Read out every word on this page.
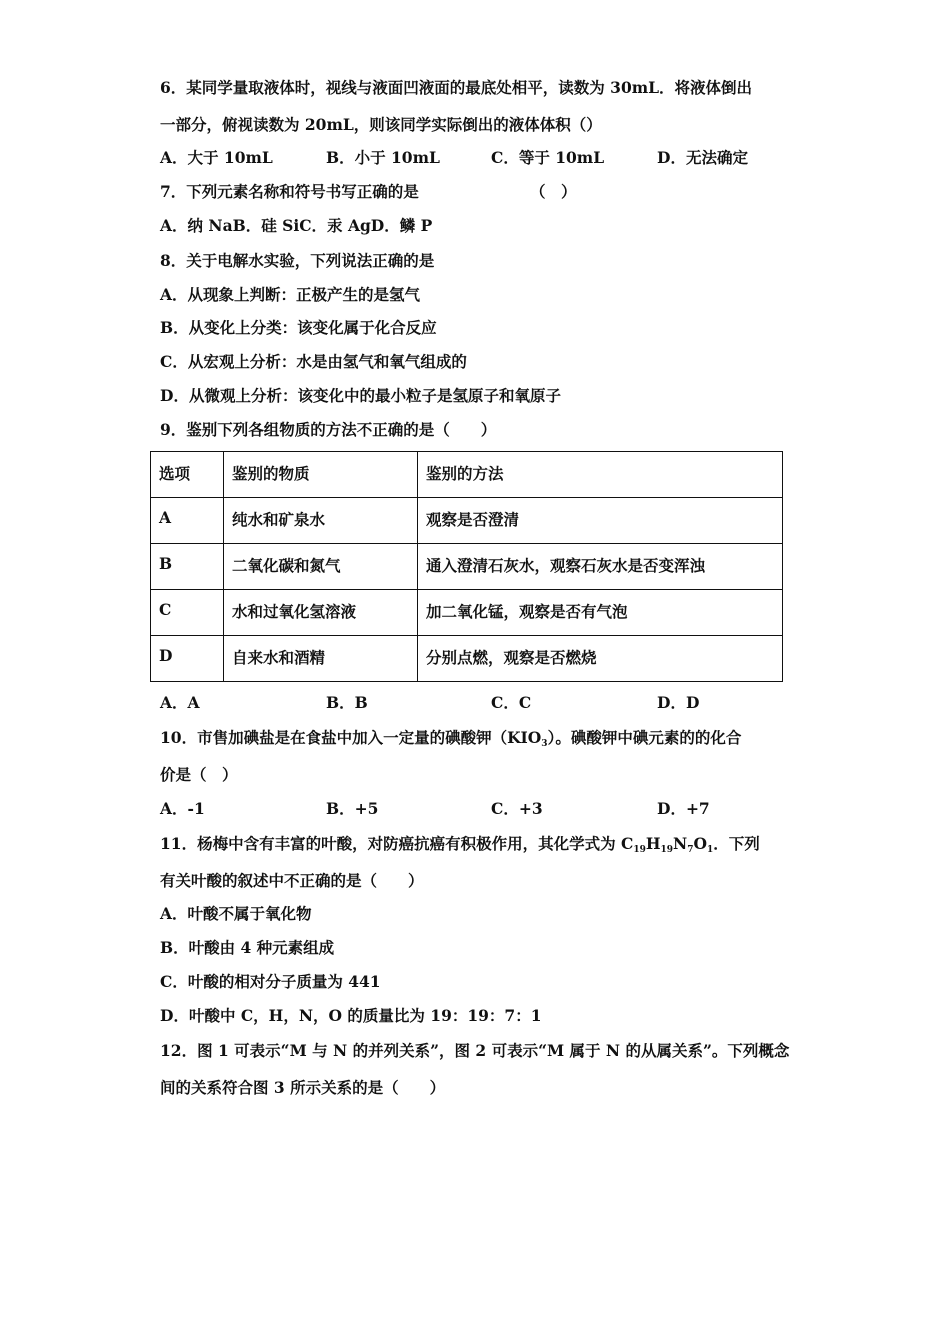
6．某同学量取液体时，视线与液面凹液面的最底处相平，读数为 30mL．将液体倒出
一部分，俯视读数为 20mL，则该同学实际倒出的液体体积（）
A．大于 10mL	B．小于 10mL	C．等于 10mL	D．无法确定
7．下列元素名称和符号书写正确的是	（　）
A．纳 NaB．硅 SiC．汞 AgD．鳞 P
8．关于电解水实验，下列说法正确的是
A．从现象上判断：正极产生的是氢气
B．从变化上分类：该变化属于化合反应
C．从宏观上分析：水是由氢气和氧气组成的
D．从微观上分析：该变化中的最小粒子是氢原子和氧原子
9．鉴别下列各组物质的方法不正确的是（　　）
选项	鉴别的物质	鉴别的方法
A	纯水和矿泉水	观察是否澄清
B	二氧化碳和氮气	通入澄清石灰水，观察石灰水是否变浑浊
C	水和过氧化氢溶液	加二氧化锰，观察是否有气泡
D	自来水和酒精	分别点燃，观察是否燃烧
A．A	B．B	C．C	D．D
10．市售加碘盐是在食盐中加入一定量的碘酸钾$(KIO_3)$。碘酸钾中碘元素的的化合
价是（　）
A．-1	B．+5	C．+3	D．+7
11．杨梅中含有丰富的叶酸，对防癌抗癌有积极作用，其化学式为 $C_{19}H_{19}N_7O_1$．下列
有关叶酸的叙述中不正确的是（　　）
A．叶酸不属于氧化物
B．叶酸由 4 种元素组成
C．叶酸的相对分子质量为 441
D．叶酸中 C，H，N，O 的质量比为 19：19：7：1
12．图 1 可表示“M 与 N 的并列关系”，图 2 可表示“M 属于 N 的从属关系”。下列概念
间的关系符合图 3 所示关系的是（　　）
